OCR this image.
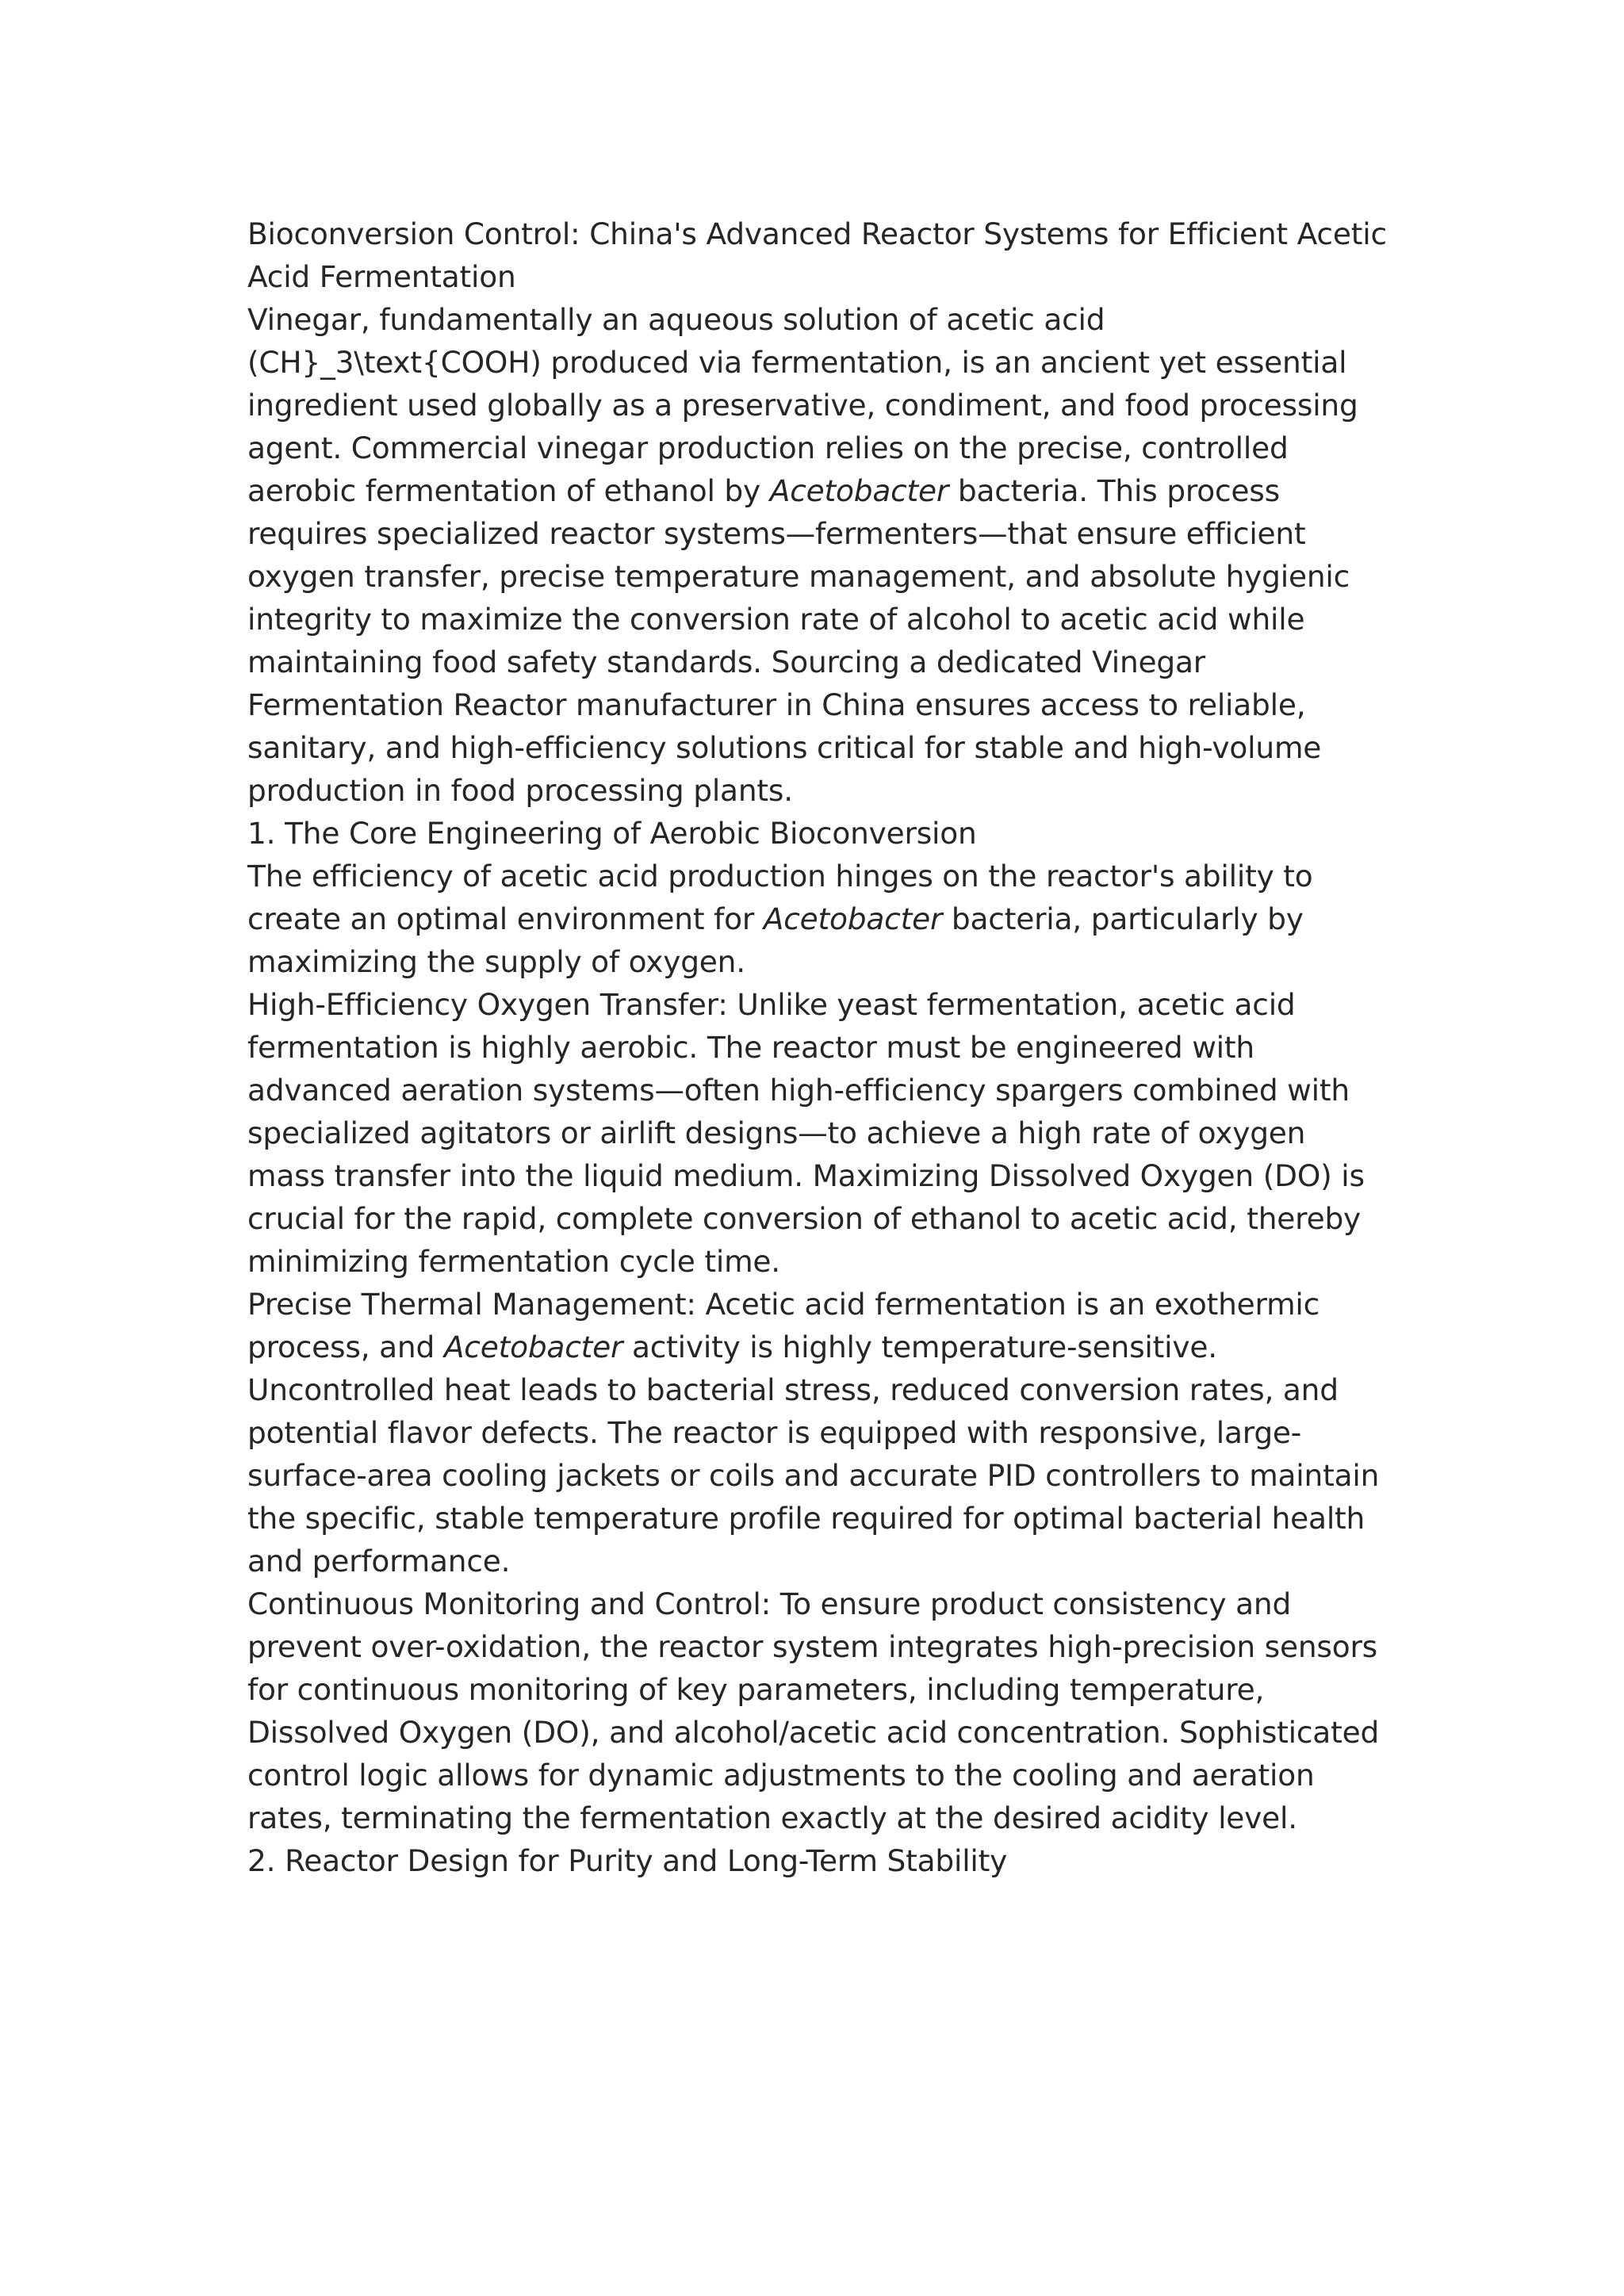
Bioconversion Control: China's Advanced Reactor Systems for Efficient Acetic Acid Fermentation

Vinegar, fundamentally an aqueous solution of acetic acid (CH}_3\text{COOH) produced via fermentation, is an ancient yet essential ingredient used globally as a preservative, condiment, and food processing agent. Commercial vinegar production relies on the precise, controlled aerobic fermentation of ethanol by Acetobacter bacteria. This process requires specialized reactor systems—fermenters—that ensure efficient oxygen transfer, precise temperature management, and absolute hygienic integrity to maximize the conversion rate of alcohol to acetic acid while maintaining food safety standards. Sourcing a dedicated Vinegar Fermentation Reactor manufacturer in China ensures access to reliable, sanitary, and high-efficiency solutions critical for stable and high-volume production in food processing plants.

1. The Core Engineering of Aerobic Bioconversion

The efficiency of acetic acid production hinges on the reactor's ability to create an optimal environment for Acetobacter bacteria, particularly by maximizing the supply of oxygen.

High-Efficiency Oxygen Transfer: Unlike yeast fermentation, acetic acid fermentation is highly aerobic. The reactor must be engineered with advanced aeration systems—often high-efficiency spargers combined with specialized agitators or airlift designs—to achieve a high rate of oxygen mass transfer into the liquid medium. Maximizing Dissolved Oxygen (DO) is crucial for the rapid, complete conversion of ethanol to acetic acid, thereby minimizing fermentation cycle time.

Precise Thermal Management: Acetic acid fermentation is an exothermic process, and Acetobacter activity is highly temperature-sensitive. Uncontrolled heat leads to bacterial stress, reduced conversion rates, and potential flavor defects. The reactor is equipped with responsive, large-surface-area cooling jackets or coils and accurate PID controllers to maintain the specific, stable temperature profile required for optimal bacterial health and performance.

Continuous Monitoring and Control: To ensure product consistency and prevent over-oxidation, the reactor system integrates high-precision sensors for continuous monitoring of key parameters, including temperature, Dissolved Oxygen (DO), and alcohol/acetic acid concentration. Sophisticated control logic allows for dynamic adjustments to the cooling and aeration rates, terminating the fermentation exactly at the desired acidity level.

2. Reactor Design for Purity and Long-Term Stability
